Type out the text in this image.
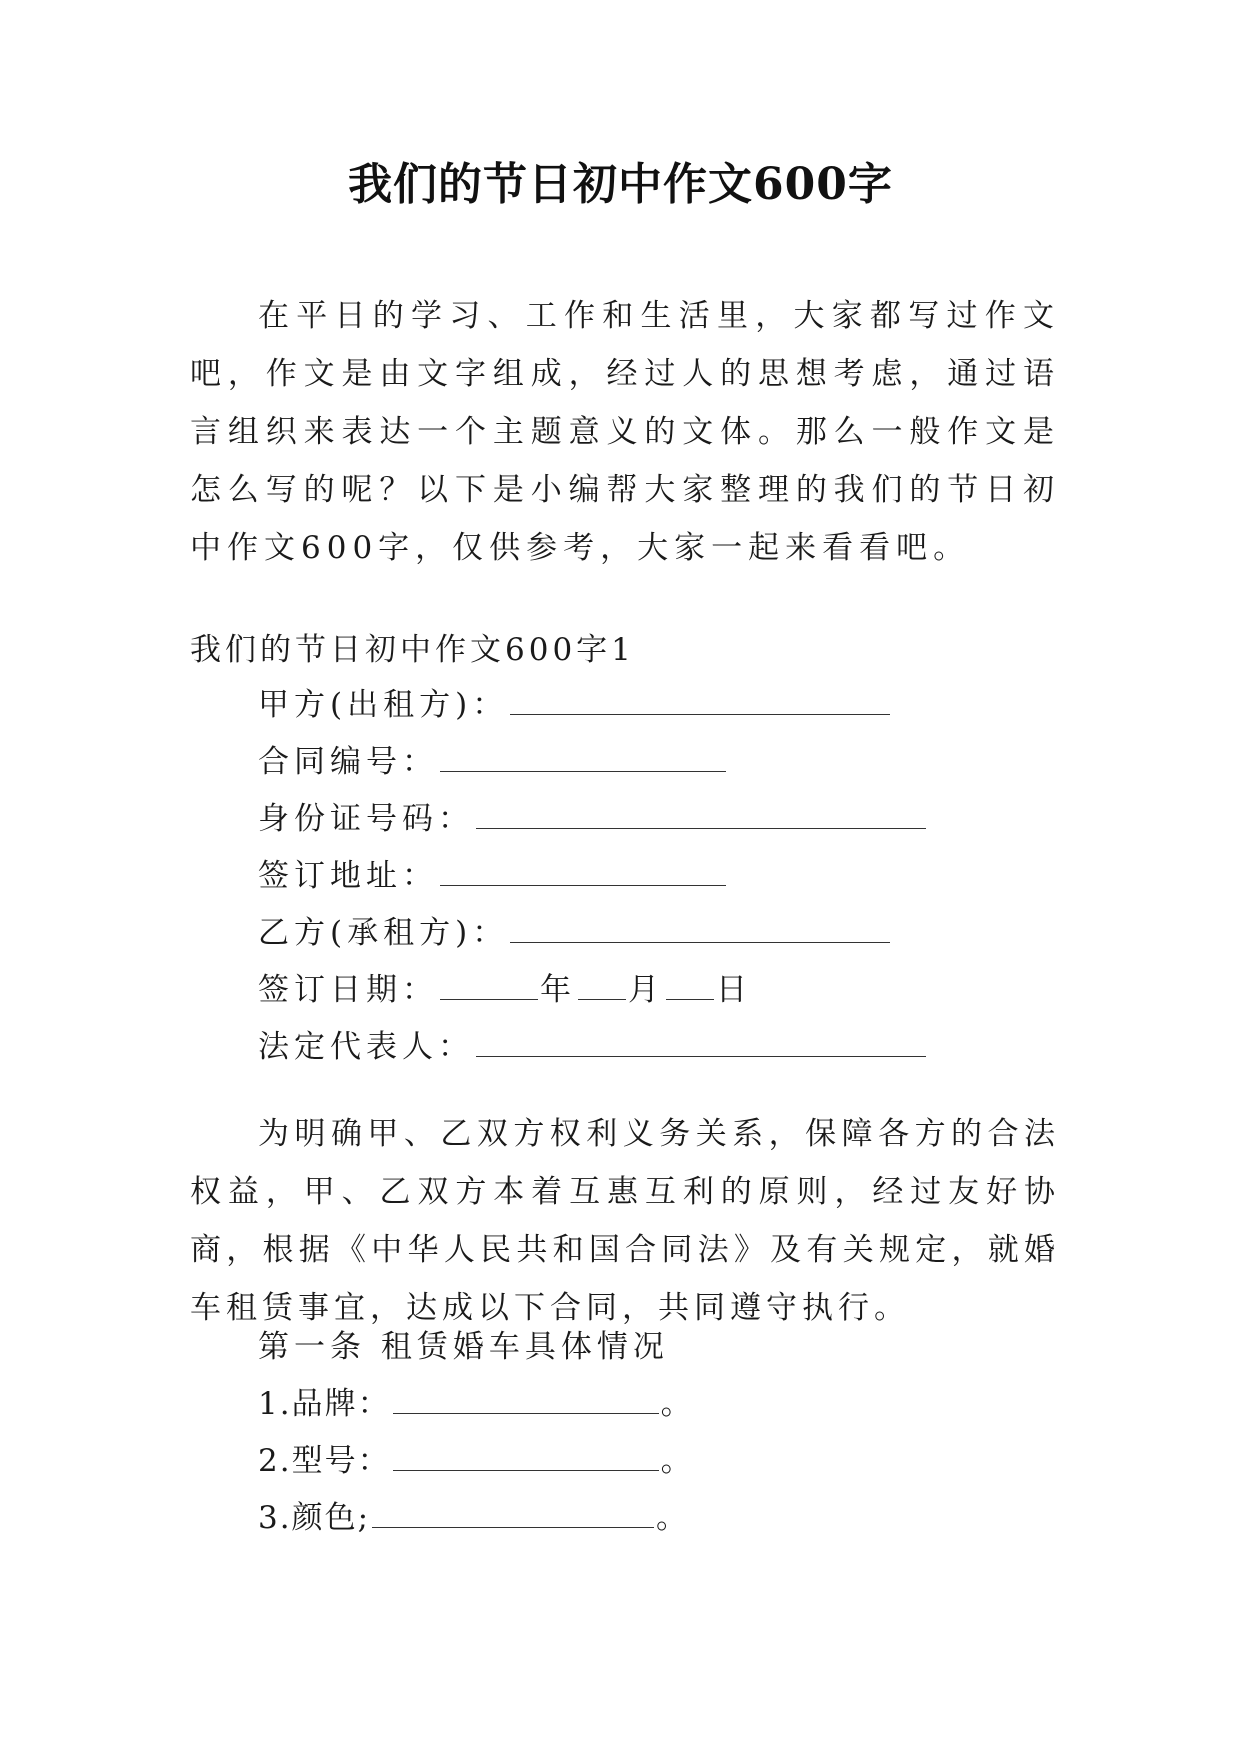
我们的节日初中作文600字

在平日的学习、工作和生活里，大家都写过作文吧，作文是由文字组成，经过人的思想考虑，通过语言组织来表达一个主题意义的文体。那么一般作文是怎么写的呢？以下是小编帮大家整理的我们的节日初中作文600字，仅供参考，大家一起来看看吧。

我们的节日初中作文600字1

甲方(出租方)：

合同编号：

身份证号码：

签订地址：

乙方(承租方)：

签订日期：	年 月 日

法定代表人：

为明确甲、乙双方权利义务关系，保障各方的合法权益，甲、乙双方本着互惠互利的原则，经过友好协商，根据《中华人民共和国合同法》及有关规定，就婚车租赁事宜，达成以下合同，共同遵守执行。

第一条 租赁婚车具体情况

1.品牌：	。

2.型号：	。

3.颜色;	。
